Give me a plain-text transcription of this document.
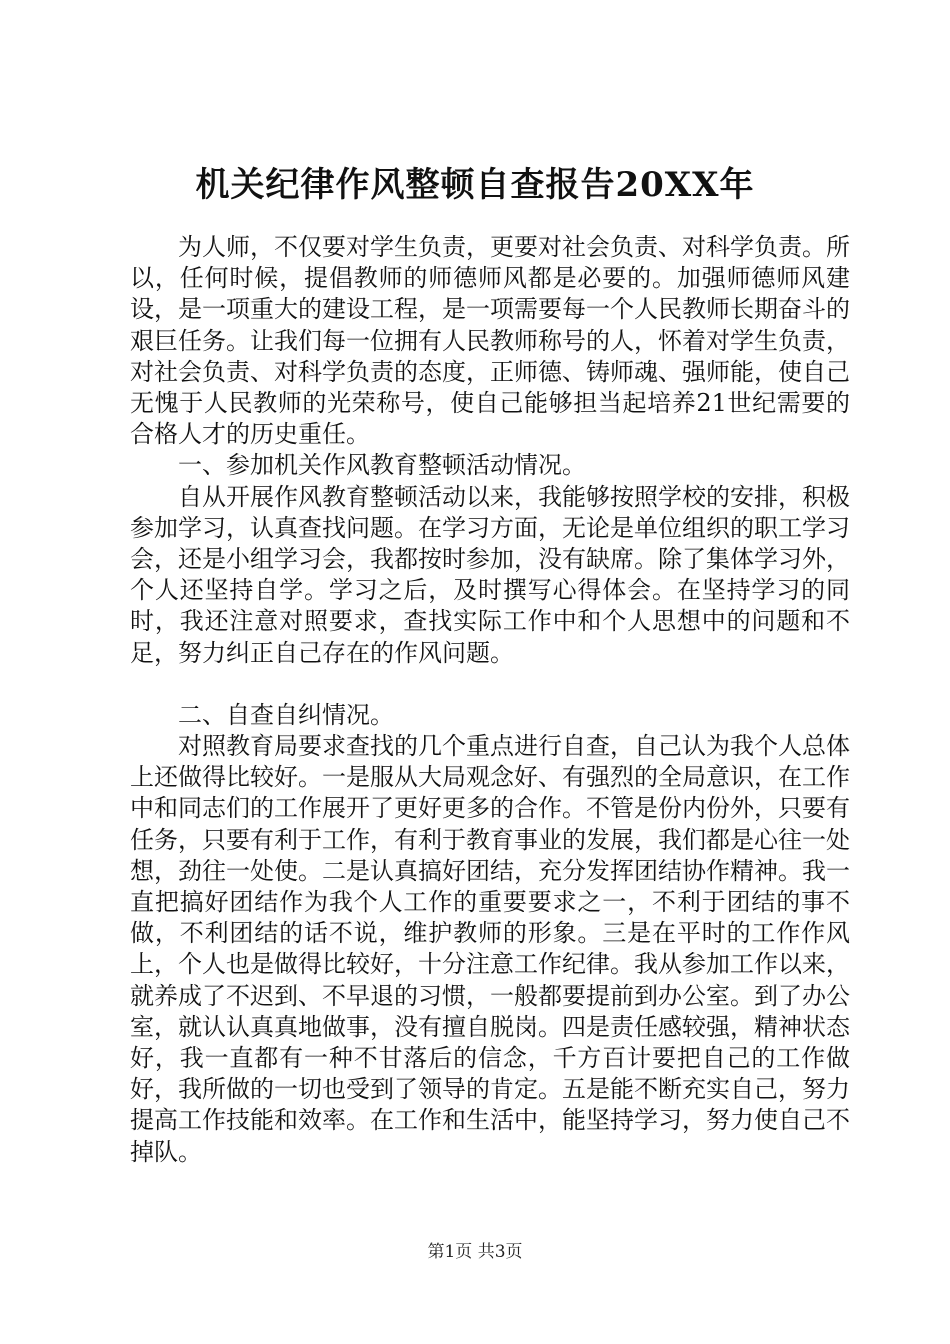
机关纪律作风整顿自查报告20XX年

为人师，不仅要对学生负责，更要对社会负责、对科学负责。所以，任何时候，提倡教师的师德师风都是必要的。加强师德师风建设，是一项重大的建设工程，是一项需要每一个人民教师长期奋斗的艰巨任务。让我们每一位拥有人民教师称号的人，怀着对学生负责，对社会负责、对科学负责的态度，正师德、铸师魂、强师能，使自己无愧于人民教师的光荣称号，使自己能够担当起培养21世纪需要的合格人才的历史重任。

一、参加机关作风教育整顿活动情况。

自从开展作风教育整顿活动以来，我能够按照学校的安排，积极参加学习，认真查找问题。在学习方面，无论是单位组织的职工学习会，还是小组学习会，我都按时参加，没有缺席。除了集体学习外，个人还坚持自学。学习之后，及时撰写心得体会。在坚持学习的同时，我还注意对照要求，查找实际工作中和个人思想中的问题和不足，努力纠正自己存在的作风问题。

二、自查自纠情况。

对照教育局要求查找的几个重点进行自查，自己认为我个人总体上还做得比较好。一是服从大局观念好、有强烈的全局意识，在工作中和同志们的工作展开了更好更多的合作。不管是份内份外，只要有任务，只要有利于工作，有利于教育事业的发展，我们都是心往一处想，劲往一处使。二是认真搞好团结，充分发挥团结协作精神。我一直把搞好团结作为我个人工作的重要要求之一，不利于团结的事不做，不利团结的话不说，维护教师的形象。三是在平时的工作作风上，个人也是做得比较好，十分注意工作纪律。我从参加工作以来，就养成了不迟到、不早退的习惯，一般都要提前到办公室。到了办公室，就认认真真地做事，没有擅自脱岗。四是责任感较强，精神状态好，我一直都有一种不甘落后的信念，千方百计要把自己的工作做好，我所做的一切也受到了领导的肯定。五是能不断充实自己，努力提高工作技能和效率。在工作和生活中，能坚持学习，努力使自己不掉队。

第1页 共3页
